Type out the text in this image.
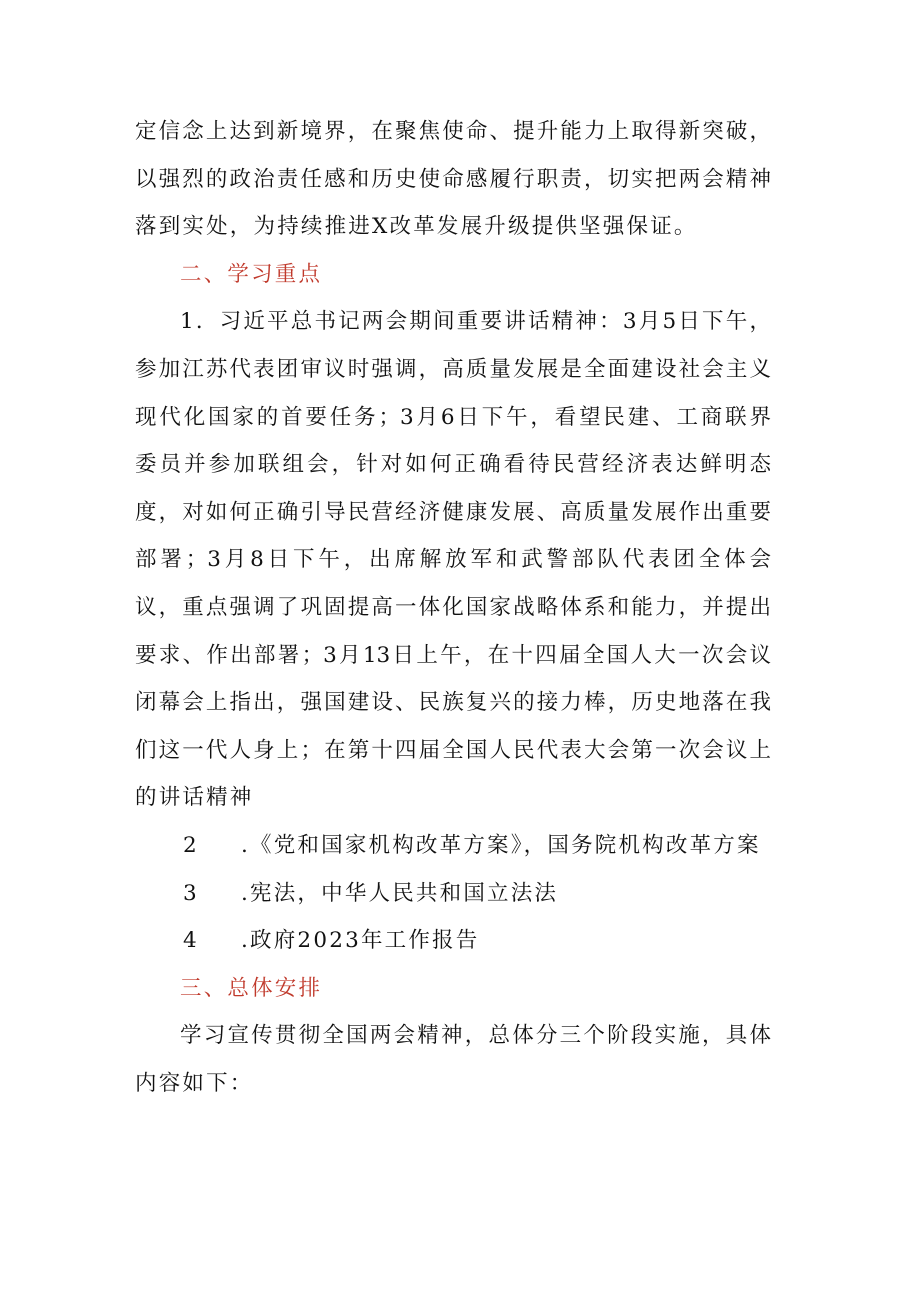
定信念上达到新境界，在聚焦使命、提升能力上取得新突破，
以强烈的政治责任感和历史使命感履行职责，切实把两会精神
落到实处，为持续推进X改革发展升级提供坚强保证。
二、学习重点
1．习近平总书记两会期间重要讲话精神：3月5日下午，
参加江苏代表团审议时强调，高质量发展是全面建设社会主义
现代化国家的首要任务；3月6日下午，看望民建、工商联界
委员并参加联组会，针对如何正确看待民营经济表达鲜明态
度，对如何正确引导民营经济健康发展、高质量发展作出重要
部署；3月8日下午，出席解放军和武警部队代表团全体会
议，重点强调了巩固提高一体化国家战略体系和能力，并提出
要求、作出部署；3月13日上午，在十四届全国人大一次会议
闭幕会上指出，强国建设、民族复兴的接力棒，历史地落在我
们这一代人身上；在第十四届全国人民代表大会第一次会议上
的讲话精神
2	.《党和国家机构改革方案》，国务院机构改革方案
3	.宪法，中华人民共和国立法法
4	.政府2023年工作报告
三、总体安排
学习宣传贯彻全国两会精神，总体分三个阶段实施，具体
内容如下：
